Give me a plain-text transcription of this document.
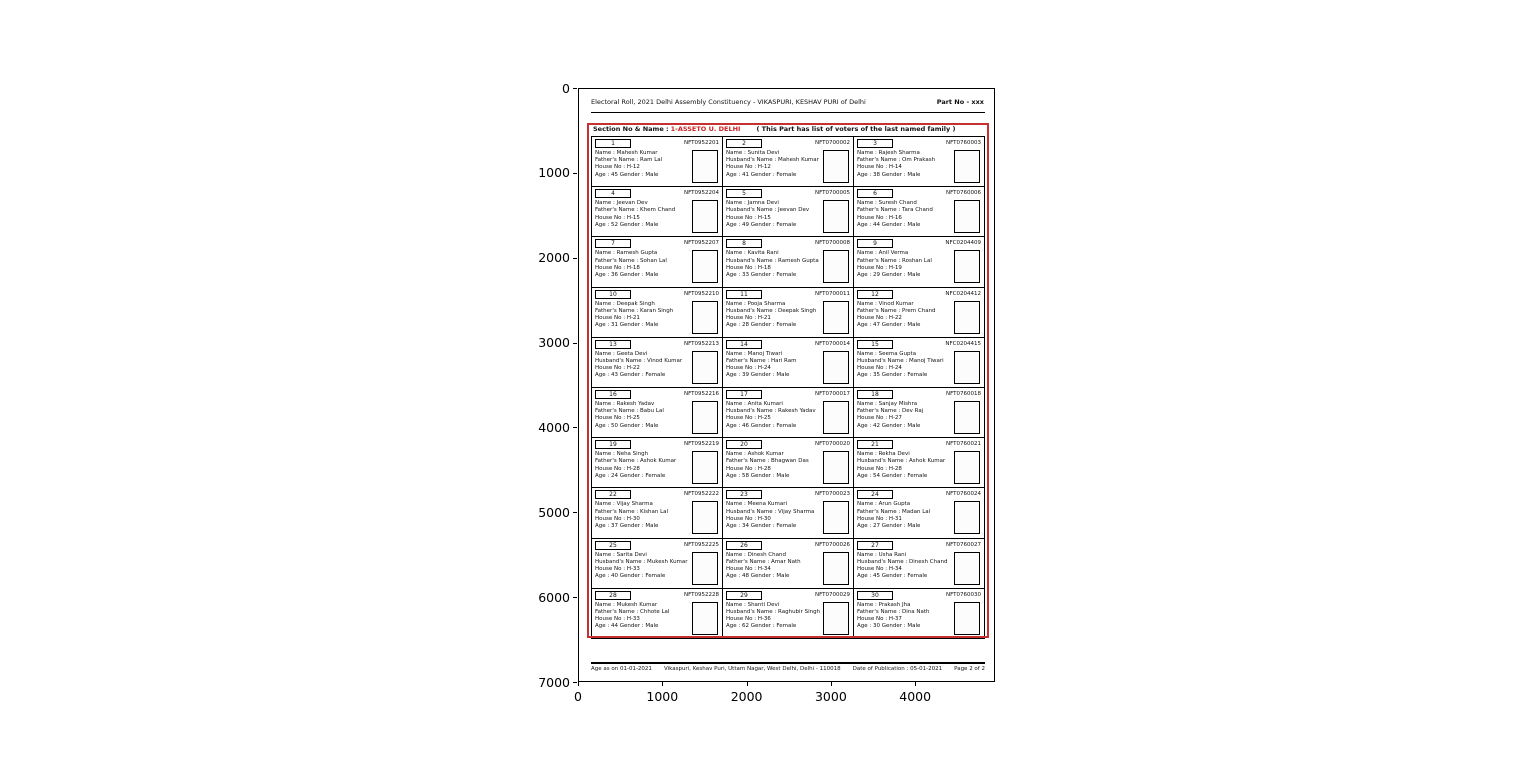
0
1000
2000
3000
4000
5000
6000
7000
0	1000	2000	3000	4000
Electoral Roll, 2021 Delhi Assembly Constituency - VIKASPURI, KESHAV PURI of Delhi	Part No - xxx
Section No & Name : 1-ASSETO U. DELHI ( This Part has list of voters of the last named family )
1	NFT0952201
Name : Mahesh Kumar
Father's Name : Ram Lal
House No : H-12
Age : 45 Gender : Male
2	NFT0700002
Name : Sunita Devi
Husband's Name : Mahesh Kumar
House No : H-12
Age : 41 Gender : Female
3	NFT0760003
Name : Rajesh Sharma
Father's Name : Om Prakash
House No : H-14
Age : 38 Gender : Male
4	NFT0952204
Name : Jeevan Dev
Father's Name : Khem Chand
House No : H-15
Age : 52 Gender : Male
5	NFT0700005
Name : Jamna Devi
Husband's Name : Jeevan Dev
House No : H-15
Age : 49 Gender : Female
6	NFT0760006
Name : Suresh Chand
Father's Name : Tara Chand
House No : H-16
Age : 44 Gender : Male
7	NFT0952207
Name : Ramesh Gupta
Father's Name : Sohan Lal
House No : H-18
Age : 36 Gender : Male
8	NFT0700008
Name : Kavita Rani
Husband's Name : Ramesh Gupta
House No : H-18
Age : 33 Gender : Female
9	NFC0204409
Name : Anil Verma
Father's Name : Roshan Lal
House No : H-19
Age : 29 Gender : Male
10	NFT0952210
Name : Deepak Singh
Father's Name : Karan Singh
House No : H-21
Age : 31 Gender : Male
11	NFT0700011
Name : Pooja Sharma
Husband's Name : Deepak Singh
House No : H-21
Age : 28 Gender : Female
12	NFC0204412
Name : Vinod Kumar
Father's Name : Prem Chand
House No : H-22
Age : 47 Gender : Male
13	NFT0952213
Name : Geeta Devi
Husband's Name : Vinod Kumar
House No : H-22
Age : 43 Gender : Female
14	NFT0700014
Name : Manoj Tiwari
Father's Name : Hari Ram
House No : H-24
Age : 39 Gender : Male
15	NFC0204415
Name : Seema Gupta
Husband's Name : Manoj Tiwari
House No : H-24
Age : 35 Gender : Female
16	NFT0952216
Name : Rakesh Yadav
Father's Name : Babu Lal
House No : H-25
Age : 50 Gender : Male
17	NFT0700017
Name : Anita Kumari
Husband's Name : Rakesh Yadav
House No : H-25
Age : 46 Gender : Female
18	NFT0760018
Name : Sanjay Mishra
Father's Name : Dev Raj
House No : H-27
Age : 42 Gender : Male
19	NFT0952219
Name : Neha Singh
Father's Name : Ashok Kumar
House No : H-28
Age : 24 Gender : Female
20	NFT0700020
Name : Ashok Kumar
Father's Name : Bhagwan Das
House No : H-28
Age : 58 Gender : Male
21	NFT0760021
Name : Rekha Devi
Husband's Name : Ashok Kumar
House No : H-28
Age : 54 Gender : Female
22	NFT0952222
Name : Vijay Sharma
Father's Name : Kishan Lal
House No : H-30
Age : 37 Gender : Male
23	NFT0700023
Name : Meena Kumari
Husband's Name : Vijay Sharma
House No : H-30
Age : 34 Gender : Female
24	NFT0760024
Name : Arun Gupta
Father's Name : Madan Lal
House No : H-31
Age : 27 Gender : Male
25	NFT0952225
Name : Sarita Devi
Husband's Name : Mukesh Kumar
House No : H-33
Age : 40 Gender : Female
26	NFT0700026
Name : Dinesh Chand
Father's Name : Amar Nath
House No : H-34
Age : 48 Gender : Male
27	NFT0760027
Name : Usha Rani
Husband's Name : Dinesh Chand
House No : H-34
Age : 45 Gender : Female
28	NFT0952228
Name : Mukesh Kumar
Father's Name : Chhote Lal
House No : H-33
Age : 44 Gender : Male
29	NFT0700029
Name : Shanti Devi
Husband's Name : Raghubir Singh
House No : H-36
Age : 62 Gender : Female
30	NFT0760030
Name : Prakash Jha
Father's Name : Dina Nath
House No : H-37
Age : 30 Gender : Male
Age as on 01-01-2021 Vikaspuri, Keshav Puri, Uttam Nagar, West Delhi, Delhi - 110018 Date of Publication : 05-01-2021 Page 2 of 2
